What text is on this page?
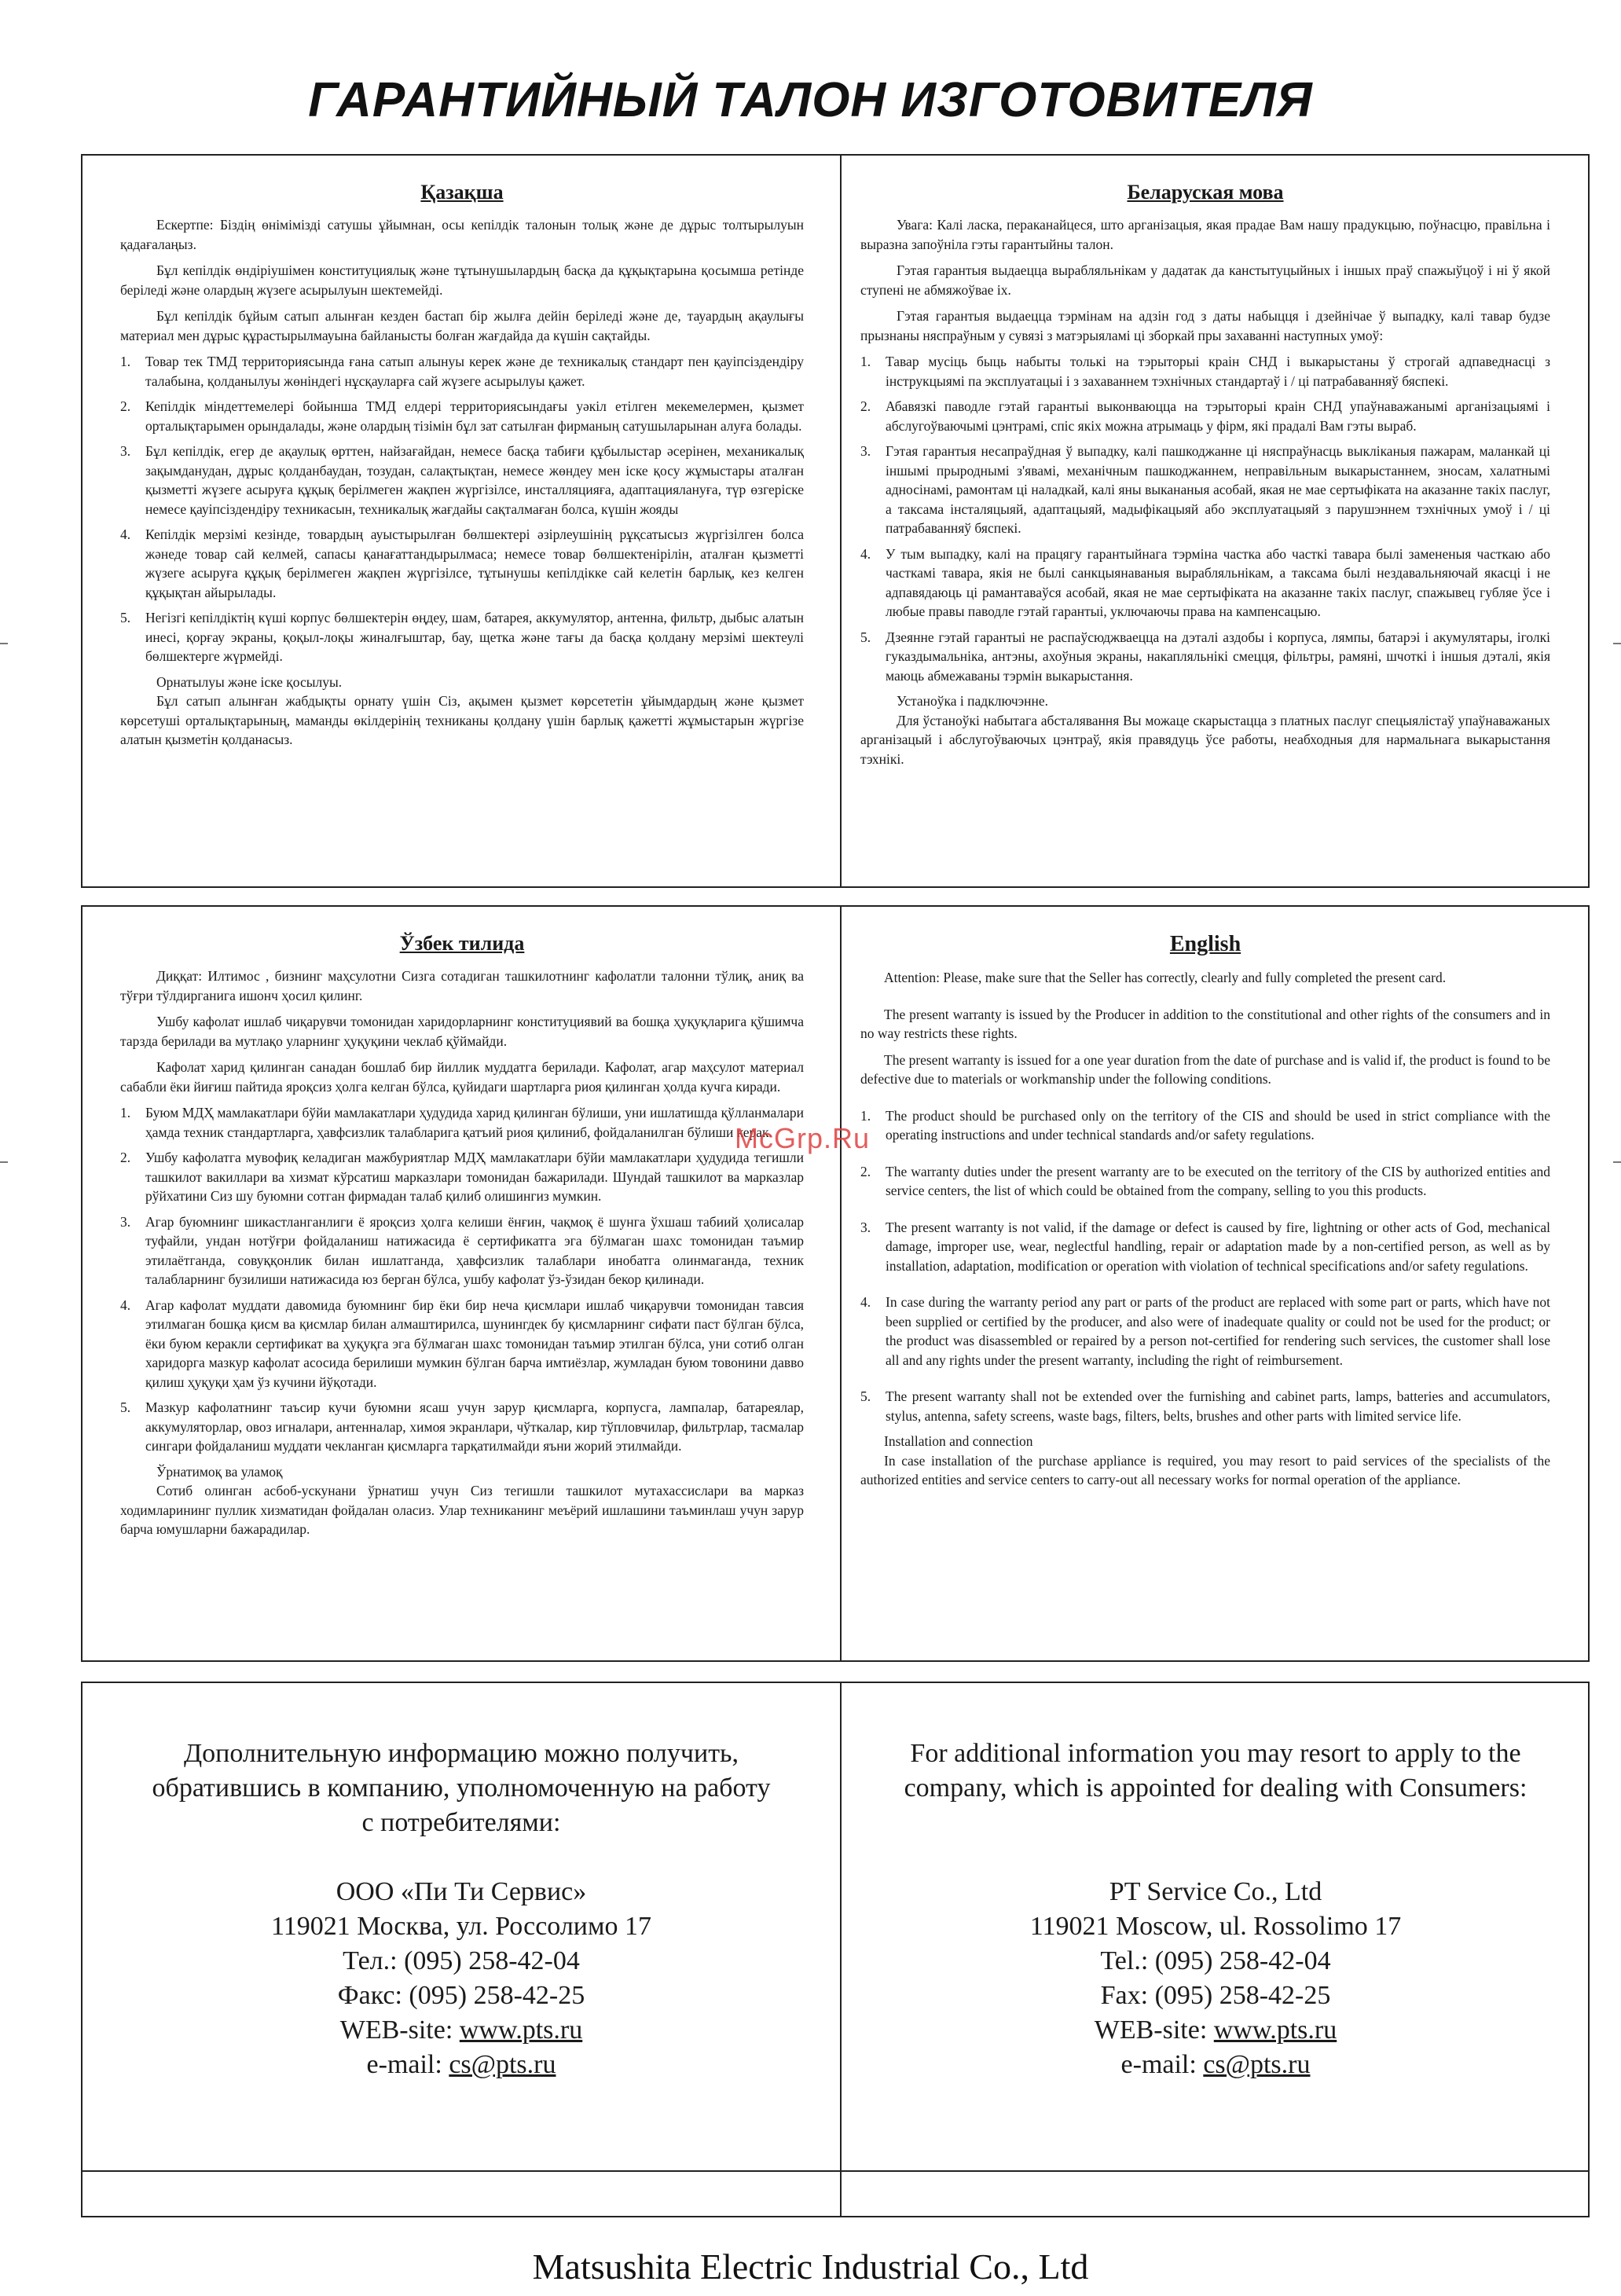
ГАРАНТИЙНЫЙ ТАЛОН ИЗГОТОВИТЕЛЯ
Қазақша

Ескертпе: Біздің өнімімізді сатушы ұйымнан, осы кепілдік талонын толық және де дұрыс толтырылуын қадағалаңыз.

Бұл кепілдік өндіріушімен конституциялық және тұтынушылардың басқа да құқықтарына қосымша ретінде беріледі және олардың жүзеге асырылуын шектемейді.

Бұл кепілдік бұйым сатып алынған кезден бастап бір жылға дейін беріледі және де, тауардың ақаулығы материал мен дұрыс құрастырылмауына байланысты болған жағдайда да күшін сақтайды.

1.	Товар тек ТМД территориясында ғана сатып алынуы керек және де техникалық стандарт пен қауіпсіздендіру талабына, қолданылуы жөніндегі нұсқауларға сай жүзеге асырылуы қажет.
2.	Кепілдік міндеттемелері бойынша ТМД елдері территориясындағы уәкіл етілген мекемелермен, қызмет орталықтарымен орындалады, және олардың тізімін бұл зат сатылған фирманың сатушыларынан алуға болады.
3.	Бұл кепілдік, егер де ақаулық өрттен, найзағайдан, немесе басқа табиғи құбылыстар әсерінен, механикалық зақымданудан, дұрыс қолданбаудан, тозудан, салақтықтан, немесе жөндеу мен іске қосу жұмыстары аталған қызметті жүзеге асыруға құқық берілмеген жақпен жүргізілсе, инсталляцияға, адаптациялануға, түр өзгеріске немесе қауіпсіздендіру техникасын, техникалық жағдайы сақталмаған болса, күшін жояды
4.	Кепілдік мерзімі кезінде, товардың ауыстырылған бөлшектері әзірлеушінің рұқсатысыз жүргізілген болса жәнеде товар сай келмей, сапасы қанағаттандырылмаса; немесе товар бөлшектенірілін, аталған қызметті жүзеге асыруға құқық берілмеген жақпен жүргізілсе, тұтынушы кепілдікке сай келетін барлық, кез келген құқықтан айырылады.
5.	Негізгі кепілдіктің күші корпус бөлшектерін өңдеу, шам, батарея, аккумулятор, антенна, фильтр, дыбыс алатын инесі, қорғау экраны, қоқыл-лоқы жиналғыштар, бау, щетка және тағы да басқа қолдану мерзімі шектеулі бөлшектерге жүрмейді.

Орнатылуы және іске қосылуы.

Бұл сатып алынған жабдықты орнату үшін Сіз, ақымен қызмет көрсететін ұйымдардың және қызмет көрсетуші орталықтарының, маманды өкілдерінің техниканы қолдану үшін барлық қажетті жұмыстарын жүргізе алатын қызметін қолданасыз.

Беларуская мова

Увага: Калі ласка, пераканайцеся, што арганізацыя, якая прадае Вам нашу прадукцыю, поўнасцю, правільна і выразна запоўніла гэты гарантыйны талон.

Гэтая гарантыя выдаецца вырабляльнікам у дадатак да канстытуцыйных і іншых праў спажыўцоў і ні ў якой ступені не абмяжоўвае іх.

Гэтая гарантыя выдаецца тэрмінам на адзін год з даты набыцця і дзейнічае ў выпадку, калі тавар будзе прызнаны няспраўным у сувязі з матэрыяламі ці зборкай пры захаванні наступных умоў:

1.	Тавар мусіць быць набыты толькі на тэрыторыі краін СНД і выкарыстаны ў строгай адпаведнасці з інструкцыямі па эксплуатацыі і з захаваннем тэхнічных стандартаў і / ці патрабаванняў бяспекі.
2.	Абавязкі паводле гэтай гарантыі выконваюцца на тэрыторыі краін СНД упаўнаважанымі арганізацыямі і абслугоўваючымі цэнтрамі, спіс якіх можна атрымаць у фірм, які прадалі Вам гэты выраб.
3.	Гэтая гарантыя несапраўдная ў выпадку, калі пашкоджанне ці няспраўнасць выкліканыя пажарам, маланкай ці іншымі прыроднымі з'явамі, механічным пашкоджаннем, неправільным выкарыстаннем, зносам, халатнымі адносінамі, рамонтам ці наладкай, калі яны выкананыя асобай, якая не мае сертыфіката на аказанне такіх паслуг, а таксама інсталяцыяй, адаптацыяй, мадыфікацыяй або эксплуатацыяй з парушэннем тэхнічных умоў і / ці патрабаванняў бяспекі.
4.	У тым выпадку, калі на працягу гарантыйнага тэрміна частка або часткі тавара былі замененыя часткаю або часткамі тавара, якія не былі санкцыянаваныя вырабляльнікам, а таксама былі нездавальняючай якасці і не адпавядаюць ці рамантаваўся асобай, якая не мае сертыфіката на аказанне такіх паслуг, спажывец губляе ўсе і любые правы паводле гэтай гарантыі, уключаючы права на кампенсацыю.
5.	Дзеянне гэтай гарантыі не распаўсюджваецца на дэталі аздобы і корпуса, лямпы, батарэі і акумулятары, іголкі гуказдымальніка, антэны, ахоўныя экраны, накапляльнікі смецця, фільтры, рамяні, шчоткі і іншыя дэталі, якія маюць абмежаваны тэрмін выкарыстання.

Устаноўка і падключэнне.

Для ўстаноўкі набытага абсталявання Вы можаце скарыстацца з платных паслуг спецыялістаў упаўнаважаных арганізацый і абслугоўваючых цэнтраў, якія правядуць ўсе работы, неабходныя для нармальнага выкарыстання тэхнікі.

Ўзбек тилида

Диққат: Илтимос , бизнинг маҳсулотни Сизга сотадиган ташкилотнинг кафолатли талонни тўлиқ, аниқ ва тўғри тўлдирганига ишонч ҳосил қилинг.

Ушбу кафолат ишлаб чиқарувчи томонидан харидорларнинг конституциявий ва бошқа ҳуқуқларига қўшимча тарзда берилади ва мутлақо уларнинг ҳуқуқини чеклаб қўймайди.

Кафолат харид қилинган санадан бошлаб бир йиллик муддатга берилади. Кафолат, агар маҳсулот материал сабабли ёки йиғиш пайтида яроқсиз ҳолга келган бўлса, қуйидаги шартларга риоя қилинган ҳолда кучга киради.

1.	Буюм МДҲ мамлакатлари бўйи мамлакатлари ҳудудида харид қилинган бўлиши, уни ишлатишда қўлланмалари ҳамда техник стандартларга, ҳавфсизлик талабларига қатъий риоя қилиниб, фойдаланилган бўлиши керак.
2.	Ушбу кафолатга мувофиқ келадиган мажбуриятлар МДҲ мамлакатлари бўйи мамлакатлари ҳудудида тегишли ташкилот вакиллари ва хизмат кўрсатиш марказлари томонидан бажарилади. Шундай ташкилот ва марказлар рўйхатини Сиз шу буюмни сотган фирмадан талаб қилиб олишингиз мумкин.
3.	Агар буюмнинг шикастланганлиги ё яроқсиз ҳолга келиши ёнғин, чақмоқ ё шунга ўхшаш табиий ҳолисалар туфайли, ундан нотўғри фойдаланиш натижасида ё сертификатга эга бўлмаган шахс томонидан таъмир этилаётганда, совуққонлик билан ишлатганда, ҳавфсизлик талаблари инобатга олинмаганда, техник талабларнинг бузилиши натижасида юз берган бўлса, ушбу кафолат ўз-ўзидан бекор қилинади.
4.	Агар кафолат муддати давомида буюмнинг бир ёки бир неча қисмлари ишлаб чиқарувчи томонидан тавсия этилмаган бошқа қисм ва қисмлар билан алмаштирилса, шунингдек бу қисмларнинг сифати паст бўлган бўлса, ёки буюм керакли сертификат ва ҳуқуқга эга бўлмаган шахс томонидан таъмир этилган бўлса, уни сотиб олган харидорга мазкур кафолат асосида берилиши мумкин бўлган барча имтиёзлар, жумладан буюм товонини давво қилиш ҳуқуқи ҳам ўз кучини йўқотади.
5.	Мазкур кафолатнинг таъсир кучи буюмни ясаш учун зарур қисмларга, корпусга, лампалар, батареялар, аккумуляторлар, овоз игналари, антенналар, химоя экранлари, чўткалар, кир тўпловчилар, фильтрлар, тасмалар сингари фойдаланиш муддати чекланган қисмларга тарқатилмайди яъни жорий этилмайди.

Ўрнатимоқ ва уламоқ

Сотиб олинган асбоб-ускунани ўрнатиш учун Сиз тегишли ташкилот мутахассислари ва марказ ходимларининг пуллик хизматидан фойдалан оласиз. Улар техниканинг меъёрий ишлашини таъминлаш учун зарур барча юмушларни бажарадилар.

English

Attention: Please, make sure that the Seller has correctly, clearly and fully completed the present card.

The present warranty is issued by the Producer in addition to the constitutional and other rights of the consumers and in no way restricts these rights.

The present warranty is issued for a one year duration from the date of purchase and is valid if, the product is found to be defective due to materials or workmanship under the following conditions.

1.	The product should be purchased only on the territory of the CIS and should be used in strict compliance with the operating instructions and under technical standards and/or safety regulations.
2.	The warranty duties under the present warranty are to be executed on the territory of the CIS by authorized entities and service centers, the list of which could be obtained from the company, selling to you this products.
3.	The present warranty is not valid, if the damage or defect is caused by fire, lightning or other acts of God, mechanical damage, improper use, wear, neglectful handling, repair or adaptation made by a non-certified person, as well as by installation, adaptation, modification or operation with violation of technical specifications and/or safety regulations.
4.	In case during the warranty period any part or parts of the product are replaced with some part or parts, which have not been supplied or certified by the producer, and also were of inadequate quality or could not be used for the product; or the product was disassembled or repaired by a person not-certified for rendering such services, the customer shall lose all and any rights under the present warranty, including the right of reimbursement.
5.	The present warranty shall not be extended over the furnishing and cabinet parts, lamps, batteries and accumulators, stylus, antenna, safety screens, waste bags, filters, belts, brushes and other parts with limited service life.

Installation and connection

In case installation of the purchase appliance is required, you may resort to paid services of the specialists of the authorized entities and service centers to carry-out all necessary works for normal operation of the appliance.

Дополнительную информацию можно получить,
обратившись в компанию, уполномоченную на работу
с потребителями:
ООО «Пи Ти Сервис»
119021 Москва, ул. Россолимо 17
Тел.: (095) 258-42-04
Факс: (095) 258-42-25
WEB-site: www.pts.ru
e-mail: cs@pts.ru
For additional information you may resort to apply to the
company, which is appointed for dealing with Consumers:
PT Service Co., Ltd
119021 Moscow, ul. Rossolimo 17
Tel.: (095) 258-42-04
Fax: (095) 258-42-25
WEB-site: www.pts.ru
e-mail: cs@pts.ru
McGrp.Ru
Matsushita Electric Industrial Co., Ltd
